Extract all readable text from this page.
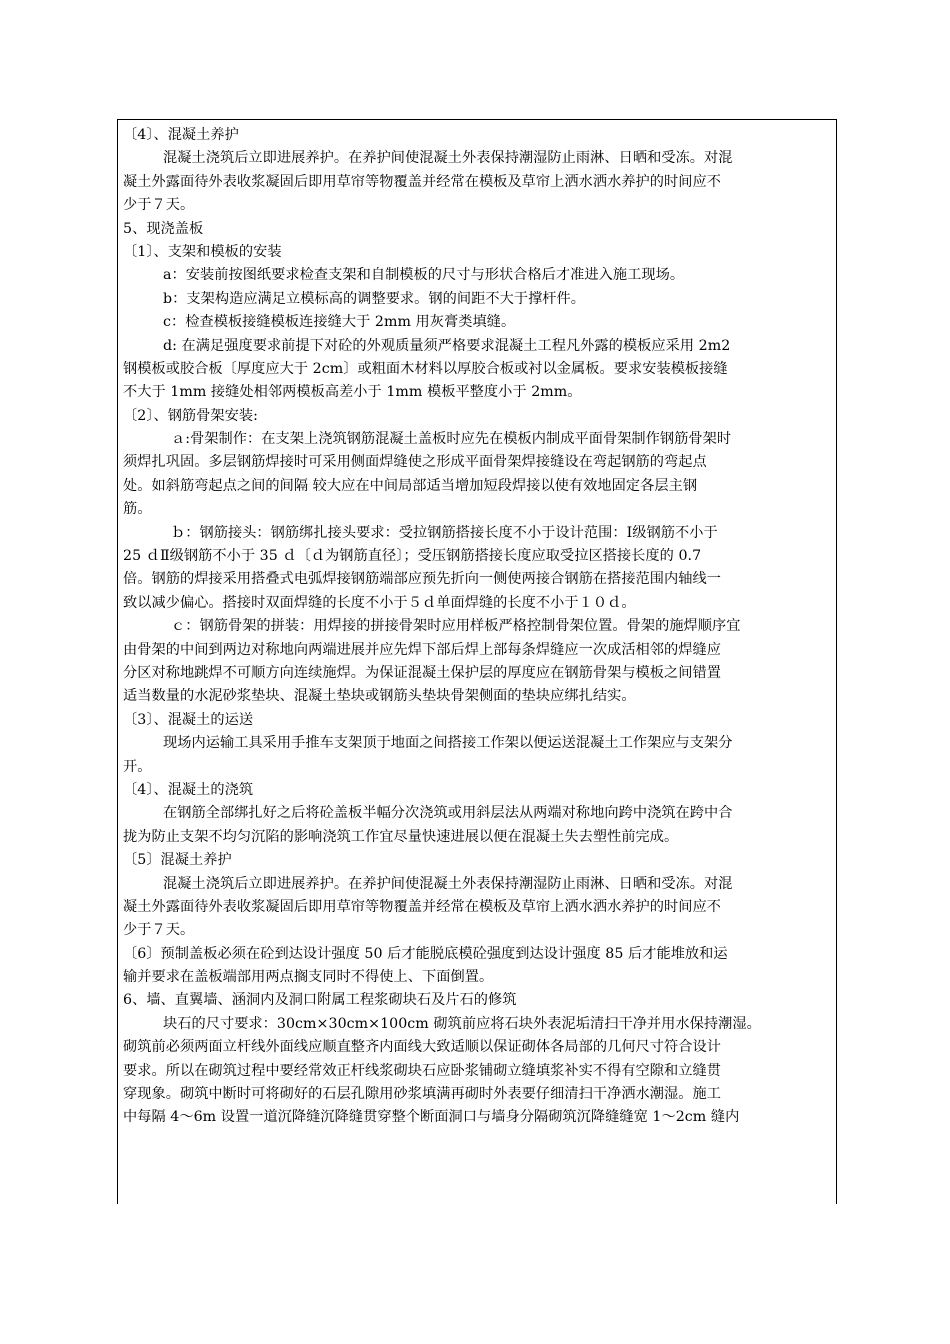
〔4〕、混凝土养护
混凝土浇筑后立即进展养护。在养护间使混凝土外表保持潮湿防止雨淋、日晒和受冻。对混
凝土外露面待外表收浆凝固后即用草帘等物覆盖并经常在模板及草帘上洒水洒水养护的时间应不
少于７天。
5、现浇盖板
〔1〕、支架和模板的安装
a：安装前按图纸要求检查支架和自制模板的尺寸与形状合格后才准进入施工现场。
b：支架构造应满足立模标高的调整要求。钢的间距不大于撑杆件。
c：检查模板接缝模板连接缝大于 2mm 用灰膏类填缝。
d: 在满足强度要求前提下对砼的外观质量须严格要求混凝土工程凡外露的模板应采用 2m2
钢模板或胶合板〔厚度应大于 2cm〕或粗面木材料以厚胶合板或衬以金属板。要求安装模板接缝
不大于 1mm 接缝处相邻两模板高差小于 1mm 模板平整度小于 2mm。
〔2〕、钢筋骨架安装:
ａ:骨架制作：在支架上浇筑钢筋混凝土盖板时应先在模板内制成平面骨架制作钢筋骨架时
须焊扎巩固。多层钢筋焊接时可采用侧面焊缝使之形成平面骨架焊接缝设在弯起钢筋的弯起点
处。如斜筋弯起点之间的间隔 较大应在中间局部适当增加短段焊接以使有效地固定各层主钢
筋。
ｂ：钢筋接头：钢筋绑扎接头要求：受拉钢筋搭接长度不小于设计范围：Ⅰ级钢筋不小于
25 ｄⅡ级钢筋不小于 35 ｄ〔ｄ为钢筋直径〕；受压钢筋搭接长度应取受拉区搭接长度的 0.7
倍。钢筋的焊接采用搭叠式电弧焊接钢筋端部应预先折向一侧使两接合钢筋在搭接范围内轴线一
致以减少偏心。搭接时双面焊缝的长度不小于５ｄ单面焊缝的长度不小于１０ｄ。
ｃ：钢筋骨架的拼装：用焊接的拼接骨架时应用样板严格控制骨架位置。骨架的施焊顺序宜
由骨架的中间到两边对称地向两端进展并应先焊下部后焊上部每条焊缝应一次成活相邻的焊缝应
分区对称地跳焊不可顺方向连续施焊。为保证混凝土保护层的厚度应在钢筋骨架与模板之间错置
适当数量的水泥砂浆垫块、混凝土垫块或钢筋头垫块骨架侧面的垫块应绑扎结实。
〔3〕、混凝土的运送
现场内运输工具采用手推车支架顶于地面之间搭接工作架以便运送混凝土工作架应与支架分
开。
〔4〕、混凝土的浇筑
在钢筋全部绑扎好之后将砼盖板半幅分次浇筑或用斜层法从两端对称地向跨中浇筑在跨中合
拢为防止支架不均匀沉陷的影响浇筑工作宜尽量快速进展以便在混凝土失去塑性前完成。
〔5〕混凝土养护
混凝土浇筑后立即进展养护。在养护间使混凝土外表保持潮湿防止雨淋、日晒和受冻。对混
凝土外露面待外表收浆凝固后即用草帘等物覆盖并经常在模板及草帘上洒水洒水养护的时间应不
少于７天。
〔6〕预制盖板必须在砼到达设计强度 50 后才能脱底模砼强度到达设计强度 85 后才能堆放和运
输并要求在盖板端部用两点搁支同时不得使上、下面倒置。
6、墙、直翼墙、涵洞内及洞口附属工程浆砌块石及片石的修筑
块石的尺寸要求：30cm×30cm×100cm 砌筑前应将石块外表泥垢清扫干净并用水保持潮湿。
砌筑前必须两面立杆线外面线应顺直整齐内面线大致适顺以保证砌体各局部的几何尺寸符合设计
要求。所以在砌筑过程中要经常效正杆线浆砌块石应卧浆铺砌立缝填浆补实不得有空隙和立缝贯
穿现象。砌筑中断时可将砌好的石层孔隙用砂浆填满再砌时外表要仔细清扫干净洒水潮湿。施工
中每隔 4～6m 设置一道沉降缝沉降缝贯穿整个断面洞口与墙身分隔砌筑沉降缝缝宽 1～2cm 缝内
